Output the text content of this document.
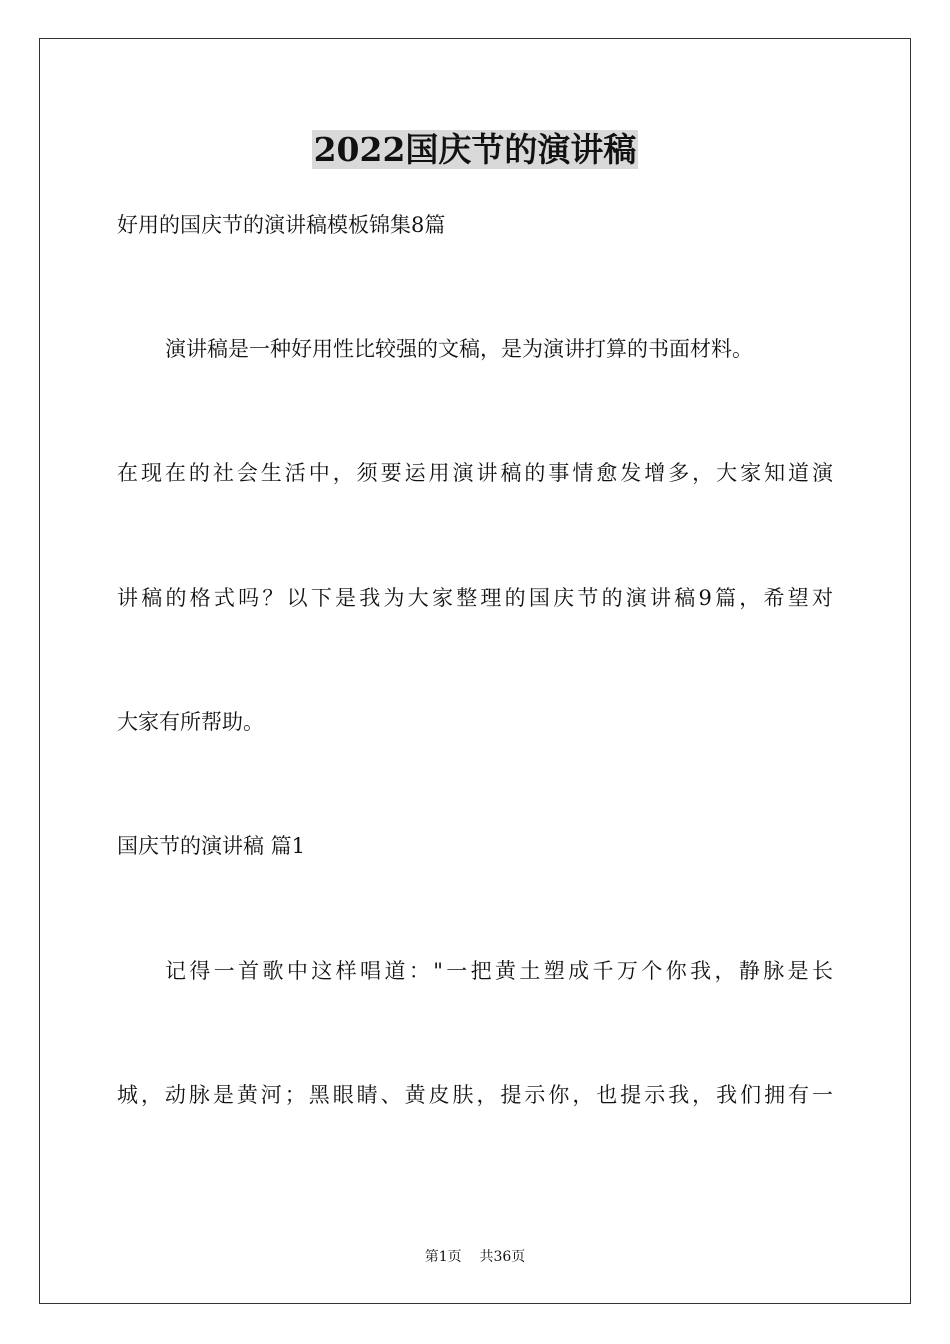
2022国庆节的演讲稿
好用的国庆节的演讲稿模板锦集8篇
演讲稿是一种好用性比较强的文稿，是为演讲打算的书面材料。
在现在的社会生活中，须要运用演讲稿的事情愈发增多，大家知道演
讲稿的格式吗？以下是我为大家整理的国庆节的演讲稿9篇，希望对
大家有所帮助。
国庆节的演讲稿 篇1
记得一首歌中这样唱道："一把黄土塑成千万个你我，静脉是长
城，动脉是黄河；黑眼睛、黄皮肤，提示你，也提示我，我们拥有一
第1页 共36页
